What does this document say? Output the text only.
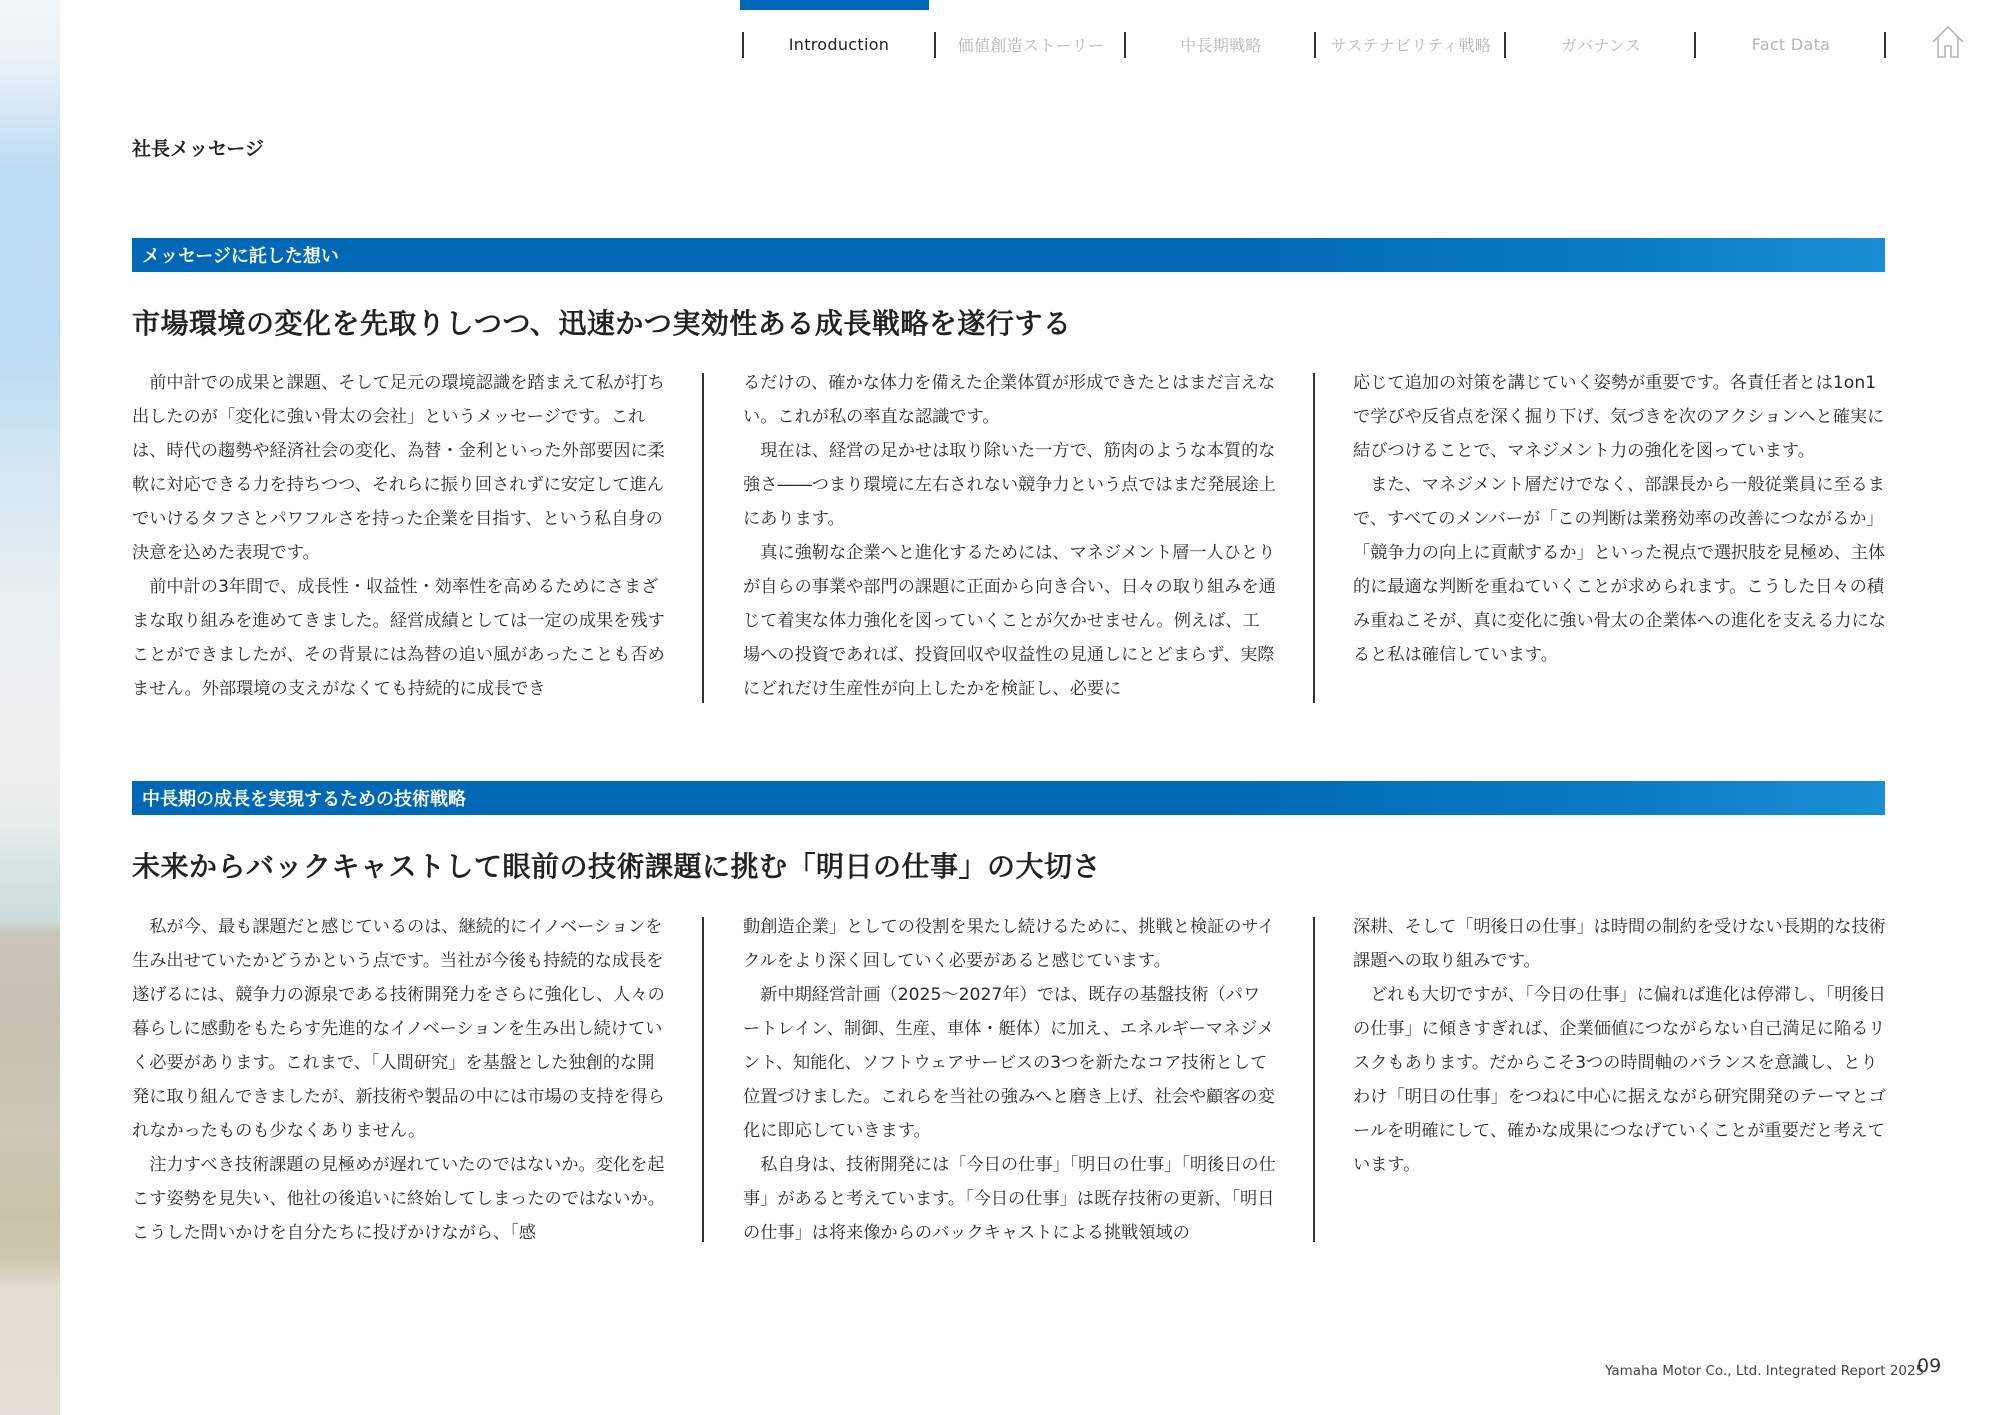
Introduction	価値創造ストーリー	中長期戦略	サステナビリティ戦略	ガバナンス	Fact Data
社長メッセージ
メッセージに託した想い
市場環境の変化を先取りしつつ、迅速かつ実効性ある成長戦略を遂行する

前中計での成果と課題、そして足元の環境認識を踏まえて私が打ち出したのが「変化に強い骨太の会社」というメッセージです。これは、時代の趨勢や経済社会の変化、為替・金利といった外部要因に柔軟に対応できる力を持ちつつ、それらに振り回されずに安定して進んでいけるタフさとパワフルさを持った企業を目指す、という私自身の決意を込めた表現です。

前中計の3年間で、成長性・収益性・効率性を高めるためにさまざまな取り組みを進めてきました。経営成績としては一定の成果を残すことができましたが、その背景には為替の追い風があったことも否めません。外部環境の支えがなくても持続的に成長でき

るだけの、確かな体力を備えた企業体質が形成できたとはまだ言えない。これが私の率直な認識です。

現在は、経営の足かせは取り除いた一方で、筋肉のような本質的な強さ――つまり環境に左右されない競争力という点ではまだ発展途上にあります。

真に強靭な企業へと進化するためには、マネジメント層一人ひとりが自らの事業や部門の課題に正面から向き合い、日々の取り組みを通じて着実な体力強化を図っていくことが欠かせません。例えば、工場への投資であれば、投資回収や収益性の見通しにとどまらず、実際にどれだけ生産性が向上したかを検証し、必要に

応じて追加の対策を講じていく姿勢が重要です。各責任者とは1on1で学びや反省点を深く掘り下げ、気づきを次のアクションへと確実に結びつけることで、マネジメント力の強化を図っています。

また、マネジメント層だけでなく、部課長から一般従業員に至るまで、すべてのメンバーが「この判断は業務効率の改善につながるか」「競争力の向上に貢献するか」といった視点で選択肢を見極め、主体的に最適な判断を重ねていくことが求められます。こうした日々の積み重ねこそが、真に変化に強い骨太の企業体への進化を支える力になると私は確信しています。

中長期の成長を実現するための技術戦略
未来からバックキャストして眼前の技術課題に挑む「明日の仕事」の大切さ

私が今、最も課題だと感じているのは、継続的にイノベーションを生み出せていたかどうかという点です。当社が今後も持続的な成長を遂げるには、競争力の源泉である技術開発力をさらに強化し、人々の暮らしに感動をもたらす先進的なイノベーションを生み出し続けていく必要があります。これまで、「人間研究」を基盤とした独創的な開発に取り組んできましたが、新技術や製品の中には市場の支持を得られなかったものも少なくありません。

注力すべき技術課題の見極めが遅れていたのではないか。変化を起こす姿勢を見失い、他社の後追いに終始してしまったのではないか。こうした問いかけを自分たちに投げかけながら、「感

動創造企業」としての役割を果たし続けるために、挑戦と検証のサイクルをより深く回していく必要があると感じています。

新中期経営計画（2025～2027年）では、既存の基盤技術（パワートレイン、制御、生産、車体・艇体）に加え、エネルギーマネジメント、知能化、ソフトウェアサービスの3つを新たなコア技術として位置づけました。これらを当社の強みへと磨き上げ、社会や顧客の変化に即応していきます。

私自身は、技術開発には「今日の仕事」「明日の仕事」「明後日の仕事」があると考えています。「今日の仕事」は既存技術の更新、「明日の仕事」は将来像からのバックキャストによる挑戦領域の

深耕、そして「明後日の仕事」は時間の制約を受けない長期的な技術課題への取り組みです。

どれも大切ですが、「今日の仕事」に偏れば進化は停滞し、「明後日の仕事」に傾きすぎれば、企業価値につながらない自己満足に陥るリスクもあります。だからこそ3つの時間軸のバランスを意識し、とりわけ「明日の仕事」をつねに中心に据えながら研究開発のテーマとゴールを明確にして、確かな成果につなげていくことが重要だと考えています。

Yamaha Motor Co., Ltd. Integrated Report 2025
09
